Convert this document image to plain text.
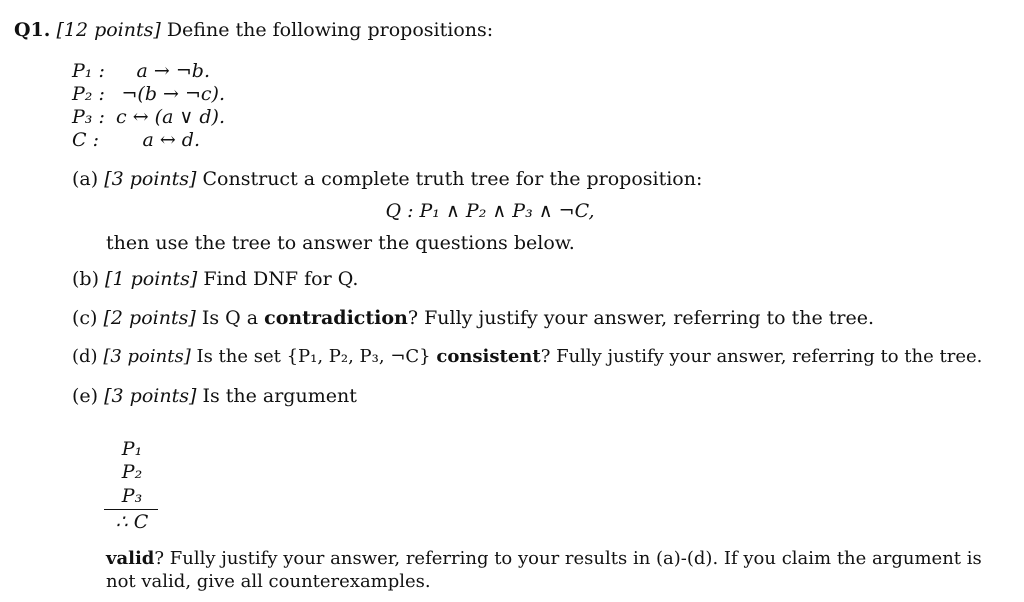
Q1. [12 points] Define the following propositions:
P₁ :	a → ¬b.
P₂ : ¬(b → ¬c).
P₃ : c ↔ (a ∨ d).
C :	a ↔ d.
(a) [3 points] Construct a complete truth tree for the proposition:
Q : P₁ ∧ P₂ ∧ P₃ ∧ ¬C,
then use the tree to answer the questions below.
(b) [1 points] Find DNF for Q.
(c) [2 points] Is Q a contradiction? Fully justify your answer, referring to the tree.
(d) [3 points] Is the set {P₁, P₂, P₃, ¬C} consistent? Fully justify your answer, referring to the tree.
(e) [3 points] Is the argument
P₁
P₂
P₃
∴ C
valid? Fully justify your answer, referring to your results in (a)-(d). If you claim the argument is
not valid, give all counterexamples.
